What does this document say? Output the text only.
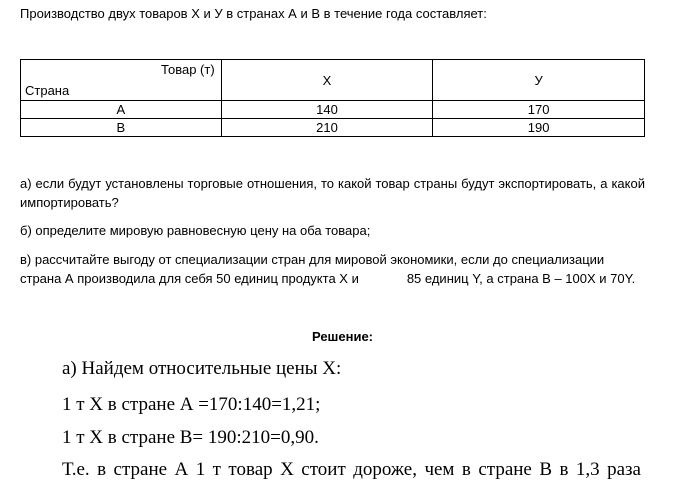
Производство двух товаров Х и У в странах А и В в течение года составляет:
Товар (т)
Страна	Х	У
А	140	170
В	210	190
а) если будут установлены торговые отношения, то какой товар страны будут экспортировать, а какой импортировать?
б) определите мировую равновесную цену на оба товара;
в) рассчитайте выгоду от специализации стран для мировой экономики, если до специализации страна А производила для себя 50 единиц продукта Х и	85 единиц Y, а страна В – 100Х и 70Y.
Решение:
а) Найдем относительные цены Х:
1 т Х в стране А =170:140=1,21;
1 т Х в стране В= 190:210=0,90.
Т.е. в стране А 1 т товар Х стоит дороже, чем в стране В в 1,3 раза
